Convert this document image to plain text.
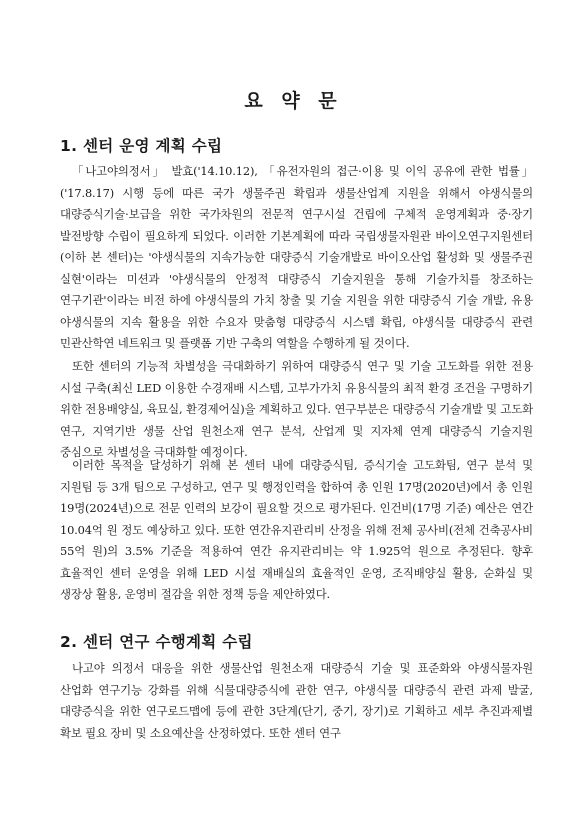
요 약 문
1. 센터 운영 계획 수립

「나고야의정서」 발효('14.10.12), 「유전자원의 접근·이용 및 이익 공유에 관한 법률」('17.8.17) 시행 등에 따른 국가 생물주권 확립과 생물산업계 지원을 위해서 야생식물의 대량증식기술·보급을 위한 국가차원의 전문적 연구시설 건립에 구체적 운영계획과 중·장기 발전방향 수립이 필요하게 되었다. 이러한 기본계획에 따라 국립생물자원관 바이오연구지원센터(이하 본 센터)는 '야생식물의 지속가능한 대량증식 기술개발로 바이오산업 활성화 및 생물주권 실현'이라는 미션과 '야생식물의 안정적 대량증식 기술지원을 통해 기술가치를 창조하는 연구기관'이라는 비전 하에 야생식물의 가치 창출 및 기술 지원을 위한 대량증식 기술 개발, 유용 야생식물의 지속 활용을 위한 수요자 맞춤형 대량증식 시스템 확립, 야생식물 대량증식 관련 민관산학연 네트워크 및 플랫폼 기반 구축의 역할을 수행하게 될 것이다.

또한 센터의 기능적 차별성을 극대화하기 위하여 대량증식 연구 및 기술 고도화를 위한 전용 시설 구축(최신 LED 이용한 수경재배 시스템, 고부가가치 유용식물의 최적 환경 조건을 구명하기 위한 전용배양실, 육묘실, 환경제어실)을 계획하고 있다. 연구부분은 대량증식 기술개발 및 고도화 연구, 지역기반 생물 산업 원천소재 연구 분석, 산업계 및 지자체 연계 대량증식 기술지원 중심으로 차별성을 극대화할 예정이다.

이러한 목적을 달성하기 위해 본 센터 내에 대량증식팀, 증식기술 고도화팀, 연구 분석 및 지원팀 등 3개 팀으로 구성하고, 연구 및 행정인력을 합하여 총 인원 17명(2020년)에서 총 인원 19명(2024년)으로 전문 인력의 보강이 필요할 것으로 평가된다. 인건비(17명 기준) 예산은 연간 10.04억 원 정도 예상하고 있다. 또한 연간유지관리비 산정을 위해 전체 공사비(전체 건축공사비 55억 원)의 3.5% 기준을 적용하여 연간 유지관리비는 약 1.925억 원으로 추정된다. 향후 효율적인 센터 운영을 위해 LED 시설 재배실의 효율적인 운영, 조직배양실 활용, 순화실 및 생장상 활용, 운영비 절감을 위한 정책 등을 제안하였다.

2. 센터 연구 수행계획 수립

나고야 의정서 대응을 위한 생물산업 원천소재 대량증식 기술 및 표준화와 야생식물자원 산업화 연구기능 강화를 위해 식물대량증식에 관한 연구, 야생식물 대량증식 관련 과제 발굴, 대량증식을 위한 연구로드맵에 등에 관한 3단계(단기, 중기, 장기)로 기획하고 세부 추진과제별 확보 필요 장비 및 소요예산을 산정하였다. 또한 센터 연구
